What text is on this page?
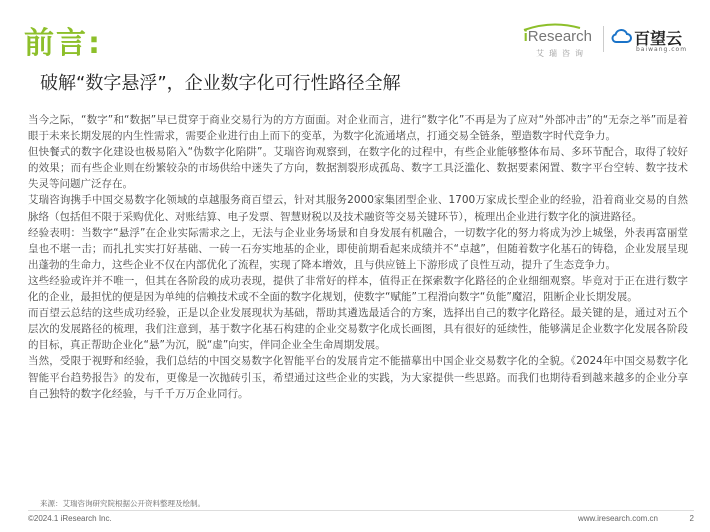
前言:	iResearch
艾瑞咨询
百望云
baiwang.com
破解“数字悬浮”，企业数字化可行性路径全解

当今之际，“数字”和“数据”早已贯穿于商业交易行为的方方面面。对企业而言，进行“数字化”不再是为了应对“外部冲击”的“无奈之举”而是着眼于未来长期发展的内生性需求，需要企业进行由上而下的变革，为数字化流通堵点，打通交易全链条，塑造数字时代竞争力。

但快餐式的数字化建设也极易陷入“伪数字化陷阱”。艾瑞咨询观察到，在数字化的过程中，有些企业能够整体布局、多环节配合，取得了较好的效果；而有些企业则在纷繁较杂的市场供给中迷失了方向，数据割裂形成孤岛、数字工具泛滥化、数据要素闲置、数字平台空转、数字技术失灵等问题广泛存在。

艾瑞咨询携手中国交易数字化领域的卓越服务商百望云，针对其服务2000家集团型企业、1700万家成长型企业的经验，沿着商业交易的自然脉络（包括但不限于采购优化、对账结算、电子发票、智慧财税以及技术融资等交易关键环节），梳理出企业进行数字化的演进路径。

经验表明：当数字“悬浮”在企业实际需求之上，无法与企业业务场景和自身发展有机融合，一切数字化的努力将成为沙上城堡，外表再富丽堂皇也不堪一击；而扎扎实实打好基础、一砖一石夯实地基的企业，即使前期看起来成绩并不“卓越”，但随着数字化基石的铸稳，企业发展呈现出蓬勃的生命力，这些企业不仅在内部优化了流程，实现了降本增效，且与供应链上下游形成了良性互动，提升了生态竞争力。

这些经验或许并不唯一，但其在各阶段的成功表现，提供了非常好的样本，值得正在探索数字化路径的企业细细观察。毕竟对于正在进行数字化的企业，最担忧的便是因为单纯的信赖技术或不全面的数字化规划，使数字“赋能”工程滑向数字“负能”魔沼，阻断企业长期发展。

而百望云总结的这些成功经验，正是以企业发展现状为基础，帮助其遴选最适合的方案，选择出自己的数字化路径。最关键的是，通过对五个层次的发展路径的梳理，我们注意到，基于数字化基石构建的企业交易数字化成长画图，具有很好的延续性，能够满足企业数字化发展各阶段的目标，真正帮助企业化“悬”为沉，脱“虚”向实，伴同企业全生命周期发展。

当然，受限于视野和经验，我们总结的中国交易数字化智能平台的发展肯定不能描摹出中国企业交易数字化的全貌。《2024年中国交易数字化智能平台趋势报告》的发布，更像是一次抛砖引玉，希望通过这些企业的实践，为大家提供一些思路。而我们也期待看到越来越多的企业分享自己独特的数字化经验，与千千万万企业同行。

来源：艾瑞咨询研究院根据公开资料整理及绘制。
©2024.1 iResearch Inc.	www.iresearch.com.cn	2
